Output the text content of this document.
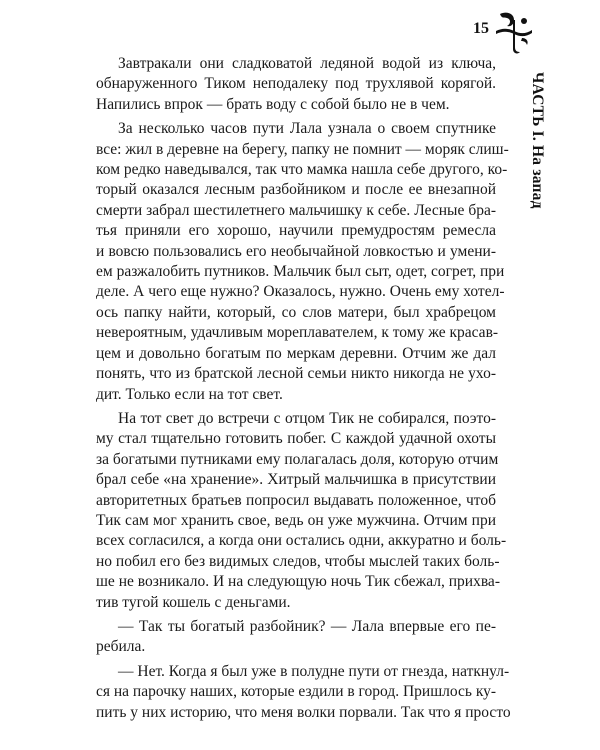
15
ЧАСТЬ I. На запад

Завтракали они сладковатой ледяной водой из ключа,
обнаруженного Тиком неподалеку под трухлявой корягой.
Напились впрок — брать воду с собой было не в чем.

За несколько часов пути Лала узнала о своем спутнике
все: жил в деревне на берегу, папку не помнит — моряк слиш-
ком редко наведывался, так что мамка нашла себе другого, ко-
торый оказался лесным разбойником и после ее внезапной
смерти забрал шестилетнего мальчишку к себе. Лесные бра-
тья приняли его хорошо, научили премудростям ремесла
и вовсю пользовались его необычайной ловкостью и умени-
ем разжалобить путников. Мальчик был сыт, одет, согрет, при
деле. А чего еще нужно? Оказалось, нужно. Очень ему хотел-
ось папку найти, который, со слов матери, был храбрецом
невероятным, удачливым мореплавателем, к тому же красав-
цем и довольно богатым по меркам деревни. Отчим же дал
понять, что из братской лесной семьи никто никогда не ухо-
дит. Только если на тот свет.

На тот свет до встречи с отцом Тик не собирался, поэто-
му стал тщательно готовить побег. С каждой удачной охоты
за богатыми путниками ему полагалась доля, которую отчим
брал себе «на хранение». Хитрый мальчишка в присутствии
авторитетных братьев попросил выдавать положенное, чтоб
Тик сам мог хранить свое, ведь он уже мужчина. Отчим при
всех согласился, а когда они остались одни, аккуратно и боль-
но побил его без видимых следов, чтобы мыслей таких боль-
ше не возникало. И на следующую ночь Тик сбежал, прихва-
тив тугой кошель с деньгами.

— Так ты богатый разбойник? — Лала впервые его пе-
ребила.

— Нет. Когда я был уже в полудне пути от гнезда, наткнул-
ся на парочку наших, которые ездили в город. Пришлось ку-
пить у них историю, что меня волки порвали. Так что я просто
